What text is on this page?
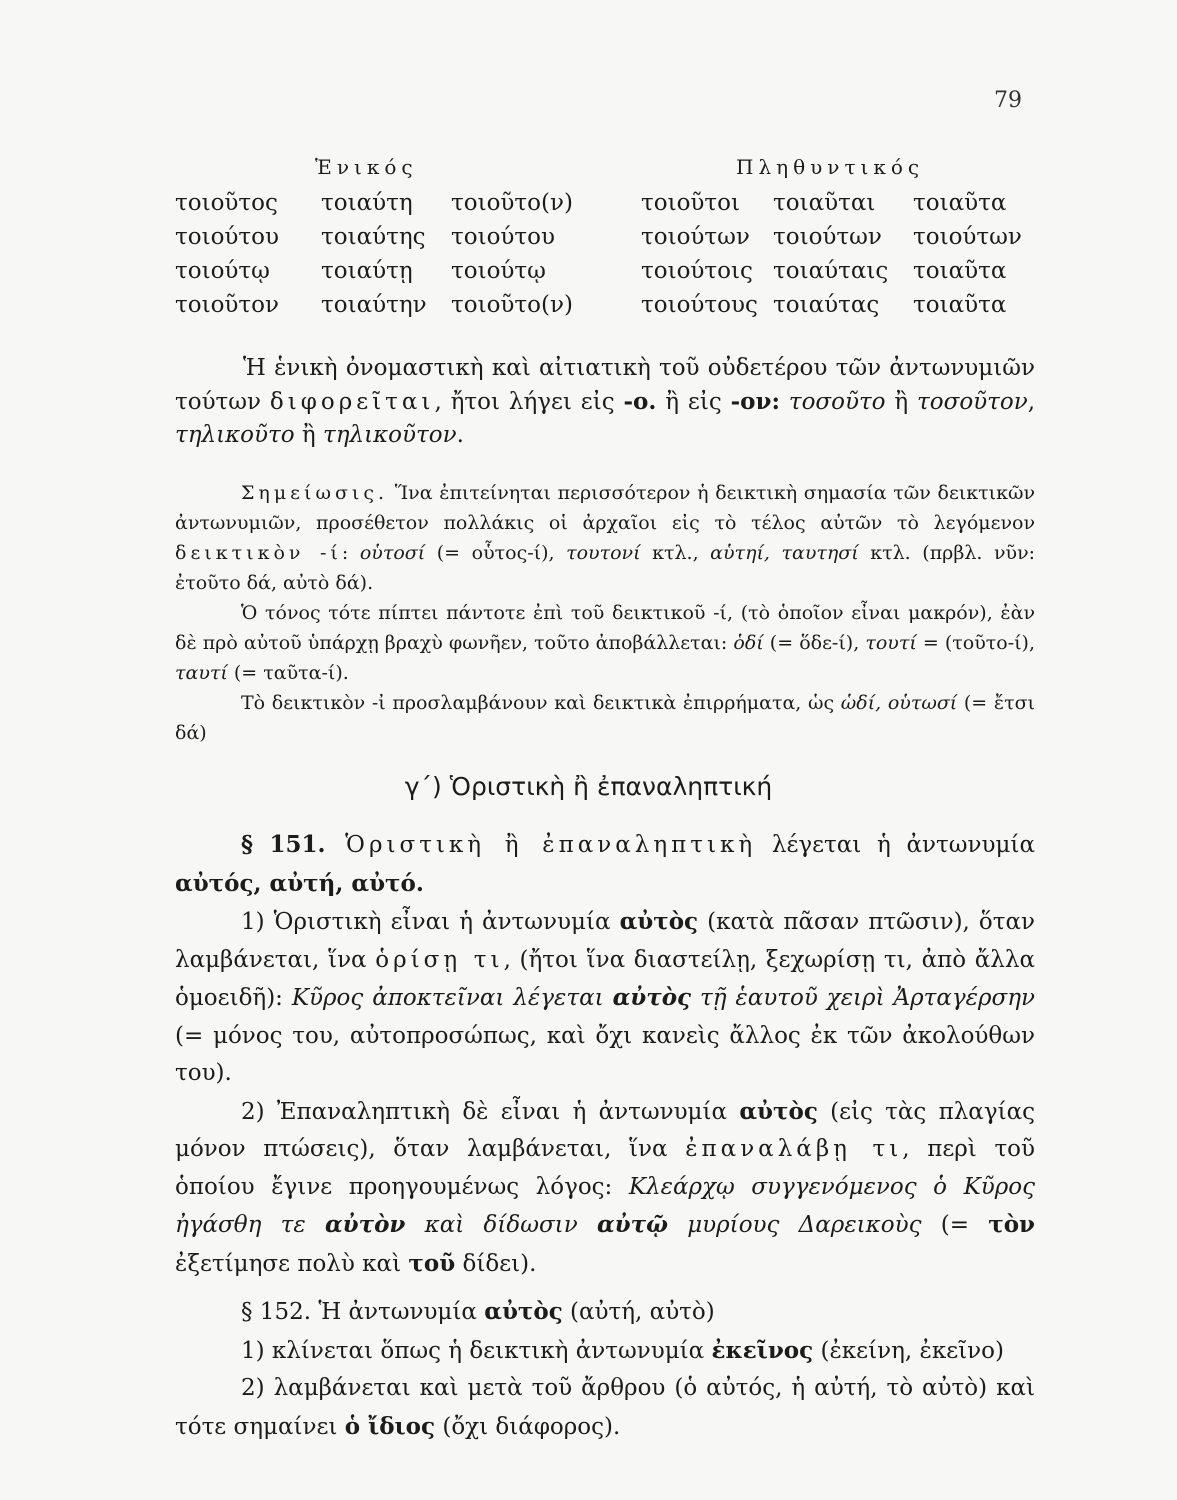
79
Ἑνικός			Πληθυντικός		
τοιοῦτος	τοιαύτη	τοιοῦτο(ν)	τοιοῦτοι	τοιαῦται	τοιαῦτα
τοιούτου	τοιαύτης	τοιούτου	τοιούτων	τοιούτων	τοιούτων
τοιούτῳ	τοιαύτῃ	τοιούτῳ	τοιούτοις	τοιαύταις	τοιαῦτα
τοιοῦτον	τοιαύτην	τοιοῦτο(ν)	τοιούτους	τοιαύτας	τοιαῦτα
Ἡ ἑνικὴ ὀνομαστικὴ καὶ αἰτιατικὴ τοῦ οὐδετέρου τῶν ἀντωνυμιῶν τούτων διφορεῖται, ἤτοι λήγει εἰς -ο. ἢ εἰς -ον: τοσοῦτο ἢ τοσοῦτον, τηλικοῦτο ἢ τηλικοῦτον.

Σημείωσις. Ἵνα ἐπιτείνηται περισσότερον ἡ δεικτικὴ σημασία τῶν δεικτικῶν ἀντωνυμιῶν, προσέθετον πολλάκις οἱ ἀρχαῖοι εἰς τὸ τέλος αὐτῶν τὸ λεγόμενον δεικτικὸν -ί: οὑτοσί (= οὗτος-ί), τουτονί κτλ., αὑτηί, ταυτησί κτλ. (πρβλ. νῦν: ἐτοῦτο δά, αὐτὸ δά).

Ὁ τόνος τότε πίπτει πάντοτε ἐπὶ τοῦ δεικτικοῦ -ί, (τὸ ὁποῖον εἶναι μακρόν), ἐὰν δὲ πρὸ αὐτοῦ ὑπάρχῃ βραχὺ φωνῆεν, τοῦτο ἀποβάλλεται: ὁδί (= ὅδε-ί), τουτί = (τοῦτο-ί), ταυτί (= ταῦτα-ί).

Τὸ δεικτικὸν -ἰ προσλαμβάνουν καὶ δεικτικὰ ἐπιρρήματα, ὡς ὡδί, οὑτωσί (= ἔτσι δά)

γ΄) Ὁριστικὴ ἢ ἐπαναληπτική

§ 151. Ὁριστικὴ ἢ ἐπαναληπτικὴ λέγεται ἡ ἀντωνυμία αὐτός, αὐτή, αὐτό.

1) Ὁριστικὴ εἶναι ἡ ἀντωνυμία αὐτὸς (κατὰ πᾶσαν πτῶσιν), ὅταν λαμβάνεται, ἵνα ὁρίσῃ τι, (ἤτοι ἵνα διαστείλῃ, ξεχωρίσῃ τι, ἀπὸ ἄλλα ὁμοειδῆ): Κῦρος ἀποκτεῖναι λέγεται αὐτὸς τῇ ἑαυτοῦ χειρὶ Ἀρταγέρσην (= μόνος του, αὐτοπροσώπως, καὶ ὄχι κανεὶς ἄλλος ἐκ τῶν ἀκολούθων του).

2) Ἐπαναληπτικὴ δὲ εἶναι ἡ ἀντωνυμία αὐτὸς (εἰς τὰς πλαγίας μόνον πτώσεις), ὅταν λαμβάνεται, ἵνα ἐπαναλάβῃ τι, περὶ τοῦ ὁποίου ἔγινε προηγουμένως λόγος: Κλεάρχῳ συγγενόμενος ὁ Κῦρος ἠγάσθη τε αὐτὸν καὶ δίδωσιν αὐτῷ μυρίους Δαρεικοὺς (= τὸν ἐξετίμησε πολὺ καὶ τοῦ δίδει).

§ 152. Ἡ ἀντωνυμία αὐτὸς (αὐτή, αὐτὸ)

1) κλίνεται ὅπως ἡ δεικτικὴ ἀντωνυμία ἐκεῖνος (ἐκείνη, ἐκεῖνο)

2) λαμβάνεται καὶ μετὰ τοῦ ἄρθρου (ὁ αὐτός, ἡ αὐτή, τὸ αὐτὸ) καὶ τότε σημαίνει ὁ ἴδιος (ὄχι διάφορος).
